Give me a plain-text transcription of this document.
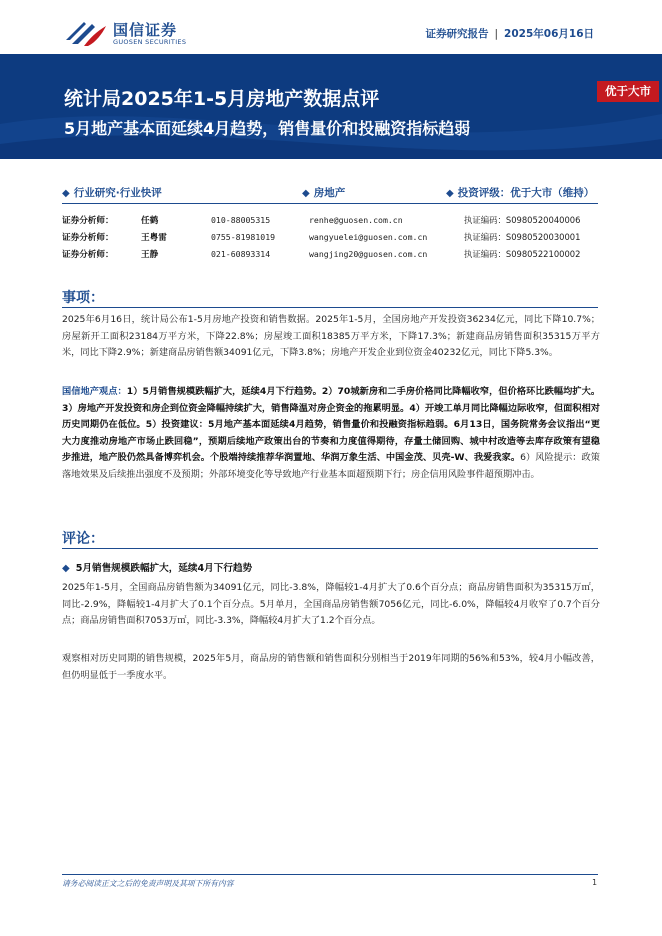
国信证券
GUOSEN SECURITIES
证券研究报告 | 2025年06月16日
统计局2025年1-5月房地产数据点评
5月地产基本面延续4月趋势，销售量价和投融资指标趋弱
优于大市
◆ 行业研究·行业快评	◆ 房地产	◆ 投资评级：优于大市（维持）
证券分析师：	任鹤	010-88005315	renhe@guosen.com.cn	执证编码：S0980520040006
证券分析师：	王粤雷	0755-81981019	wangyuelei@guosen.com.cn	执证编码：S0980520030001
证券分析师：	王静	021-60893314	wangjing20@guosen.com.cn	执证编码：S0980522100002
事项：

2025年6月16日，统计局公布1-5月房地产投资和销售数据。2025年1-5月，全国房地产开发投资36234亿元，同比下降10.7%；房屋新开工面积23184万平方米，下降22.8%；房屋竣工面积18385万平方米，下降17.3%；新建商品房销售面积35315万平方米，同比下降2.9%；新建商品房销售额34091亿元，下降3.8%；房地产开发企业到位资金40232亿元，同比下降5.3%。

国信地产观点：1）5月销售规模跌幅扩大，延续4月下行趋势。2）70城新房和二手房价格同比降幅收窄，但价格环比跌幅均扩大。3）房地产开发投资和房企到位资金降幅持续扩大，销售降温对房企资金的拖累明显。4）开竣工单月同比降幅边际收窄，但面积相对历史同期仍在低位。5）投资建议：5月地产基本面延续4月趋势，销售量价和投融资指标趋弱。6月13日，国务院常务会议指出“更大力度推动房地产市场止跌回稳”，预期后续地产政策出台的节奏和力度值得期待，存量土储回购、城中村改造等去库存政策有望稳步推进，地产股仍然具备博弈机会。个股端持续推荐华润置地、华润万象生活、中国金茂、贝壳-W、我爱我家。6）风险提示：政策落地效果及后续推出强度不及预期；外部环境变化等导致地产行业基本面超预期下行；房企信用风险事件超预期冲击。

评论：
◆ 5月销售规模跌幅扩大，延续4月下行趋势

2025年1-5月，全国商品房销售额为34091亿元，同比-3.8%，降幅较1-4月扩大了0.6个百分点；商品房销售面积为35315万㎡，同比-2.9%，降幅较1-4月扩大了0.1个百分点。5月单月，全国商品房销售额7056亿元，同比-6.0%，降幅较4月收窄了0.7个百分点；商品房销售面积7053万㎡，同比-3.3%，降幅较4月扩大了1.2个百分点。

观察相对历史同期的销售规模，2025年5月，商品房的销售额和销售面积分别相当于2019年同期的56%和53%，较4月小幅改善，但仍明显低于一季度水平。

请务必阅读正文之后的免责声明及其项下所有内容	1
